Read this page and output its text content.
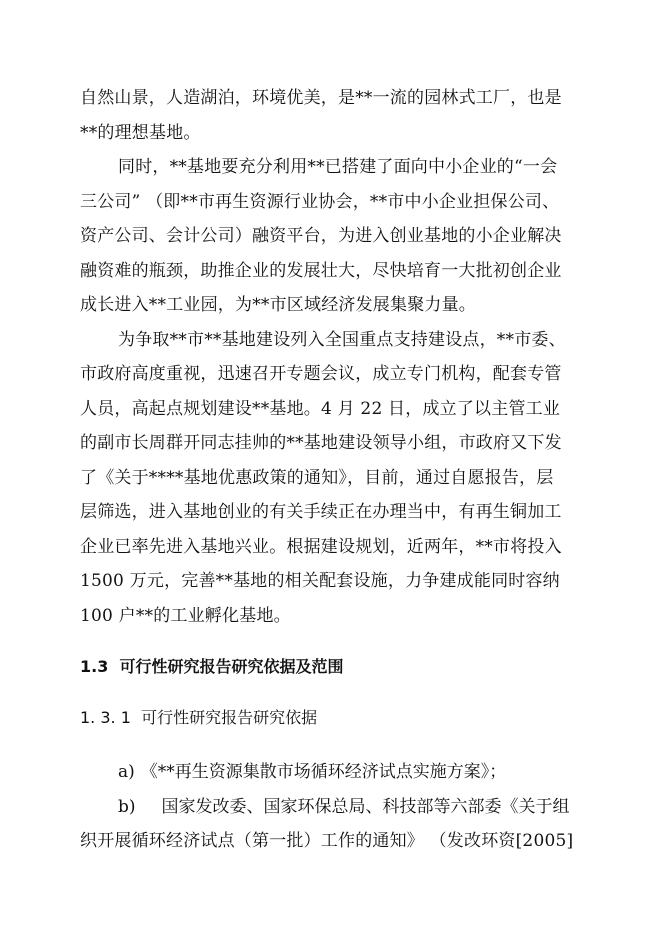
自然山景，人造湖泊，环境优美，是**一流的园林式工厂，也是
**的理想基地。
同时，**基地要充分利用**已搭建了面向中小企业的“一会
三公司” （即**市再生资源行业协会，**市中小企业担保公司、
资产公司、会计公司）融资平台，为进入创业基地的小企业解决
融资难的瓶颈，助推企业的发展壮大，尽快培育一大批初创企业
成长进入**工业园，为**市区域经济发展集聚力量。
为争取**市**基地建设列入全国重点支持建设点，**市委、
市政府高度重视，迅速召开专题会议，成立专门机构，配套专管
人员，高起点规划建设**基地。4 月 22 日，成立了以主管工业
的副市长周群开同志挂帅的**基地建设领导小组，市政府又下发
了《关于****基地优惠政策的通知》，目前，通过自愿报告，层
层筛选，进入基地创业的有关手续正在办理当中，有再生铜加工
企业已率先进入基地兴业。根据建设规划，近两年，**市将投入
1500 万元，完善**基地的相关配套设施，力争建成能同时容纳
100 户**的工业孵化基地。
1.3 可行性研究报告研究依据及范围
1. 3. 1 可行性研究报告研究依据
a) 《**再生资源集散市场循环经济试点实施方案》；
b) 国家发改委、国家环保总局、科技部等六部委《关于组
织开展循环经济试点（第一批）工作的通知》 （发改环资[2005]
